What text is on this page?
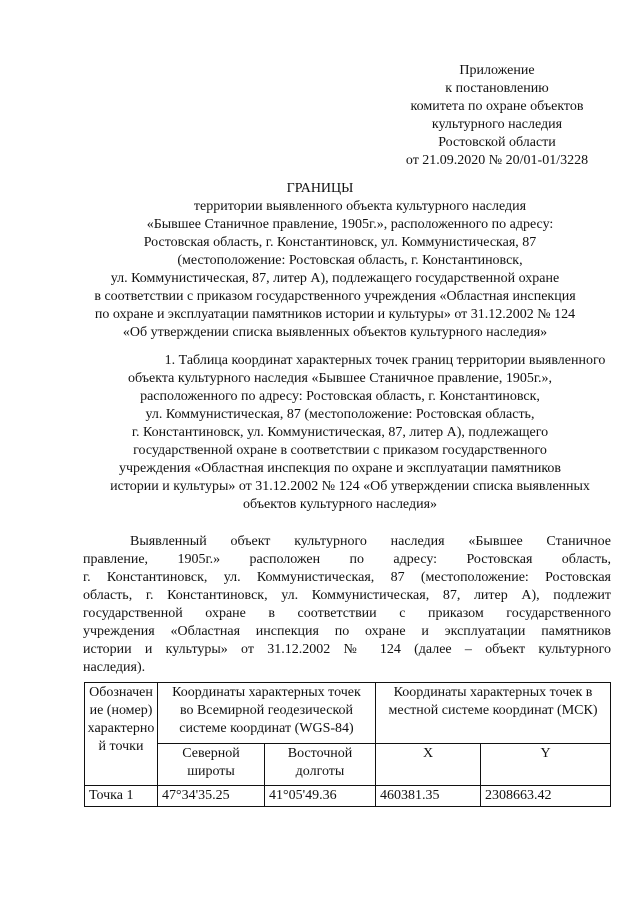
Приложение
к постановлению
комитета по охране объектов
культурного наследия
Ростовской области
от 21.09.2020 № 20/01-01/3228
ГРАНИЦЫ
территории выявленного объекта культурного наследия
«Бывшее Станичное правление, 1905г.», расположенного по адресу:
Ростовская область, г. Константиновск, ул. Коммунистическая, 87
(местоположение: Ростовская область, г. Константиновск,
ул. Коммунистическая, 87, литер А), подлежащего государственной охране
в соответствии с приказом государственного учреждения «Областная инспекция
по охране и эксплуатации памятников истории и культуры» от 31.12.2002 № 124
«Об утверждении списка выявленных объектов культурного наследия»
1. Таблица координат характерных точек границ территории выявленного
объекта культурного наследия «Бывшее Станичное правление, 1905г.»,
расположенного по адресу: Ростовская область, г. Константиновск,
ул. Коммунистическая, 87 (местоположение: Ростовская область,
г. Константиновск, ул. Коммунистическая, 87, литер А), подлежащего
государственной охране в соответствии с приказом государственного
учреждения «Областная инспекция по охране и эксплуатации памятников
истории и культуры» от 31.12.2002 № 124 «Об утверждении списка выявленных
объектов культурного наследия»
Выявленный объект культурного наследия «Бывшее Станичное
правление, 1905г.» расположен по адресу: Ростовская область,
г. Константиновск, ул. Коммунистическая, 87 (местоположение: Ростовская
область, г. Константиновск, ул. Коммунистическая, 87, литер А), подлежит
государственной охране в соответствии с приказом государственного
учреждения «Областная инспекция по охране и эксплуатации памятников
истории и культуры» от 31.12.2002 № 124 (далее – объект культурного
наследия).
Обозначение (номер) характерной точки	Координаты характерных точек во Всемирной геодезической системе координат (WGS-84)		Координаты характерных точек в местной системе координат (МСК)	
	Северной широты	Восточной долготы	X	Y
Точка 1	47°34'35.25	41°05'49.36	460381.35	2308663.42
